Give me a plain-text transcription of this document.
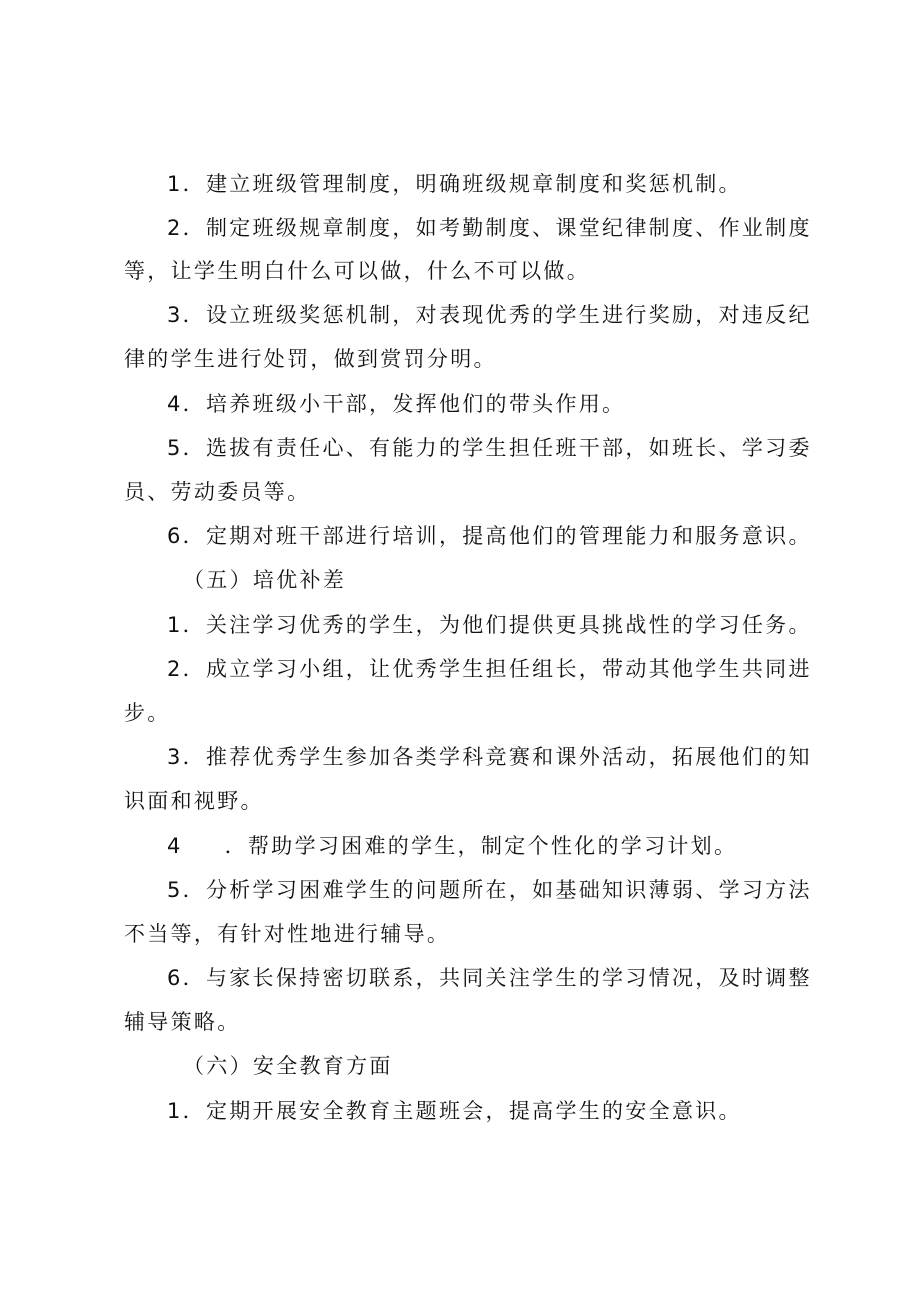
1．建立班级管理制度，明确班级规章制度和奖惩机制。
2．制定班级规章制度，如考勤制度、课堂纪律制度、作业制度
等，让学生明白什么可以做，什么不可以做。
3．设立班级奖惩机制，对表现优秀的学生进行奖励，对违反纪
律的学生进行处罚，做到赏罚分明。
4．培养班级小干部，发挥他们的带头作用。
5．选拔有责任心、有能力的学生担任班干部，如班长、学习委
员、劳动委员等。
6．定期对班干部进行培训，提高他们的管理能力和服务意识。
（五）培优补差
1．关注学习优秀的学生，为他们提供更具挑战性的学习任务。
2．成立学习小组，让优秀学生担任组长，带动其他学生共同进
步。
3．推荐优秀学生参加各类学科竞赛和课外活动，拓展他们的知
识面和视野。
4 ．帮助学习困难的学生，制定个性化的学习计划。
5．分析学习困难学生的问题所在，如基础知识薄弱、学习方法
不当等，有针对性地进行辅导。
6．与家长保持密切联系，共同关注学生的学习情况，及时调整
辅导策略。
（六）安全教育方面
1．定期开展安全教育主题班会，提高学生的安全意识。
